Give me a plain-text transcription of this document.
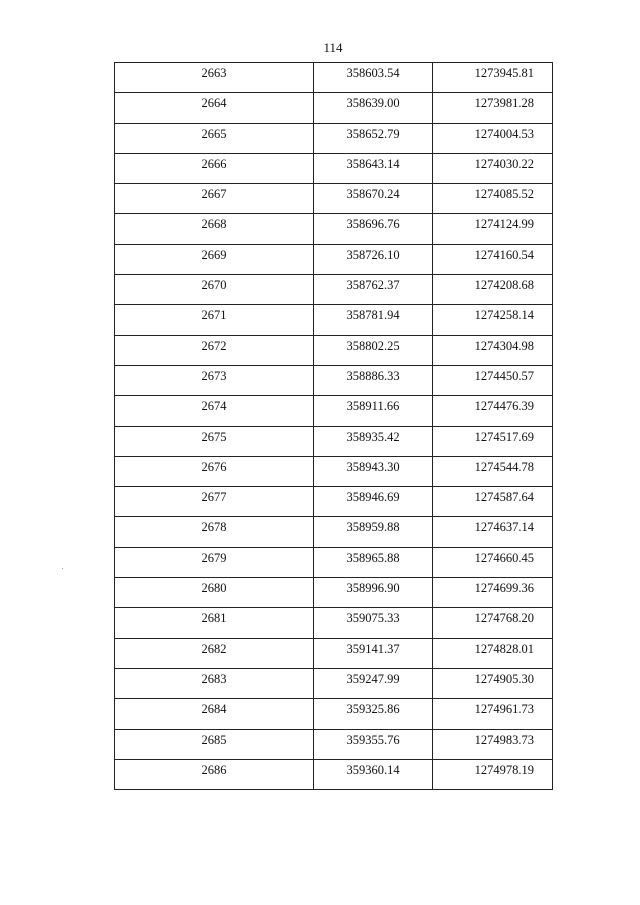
114
2663	358603.54	1273945.81

2664	358639.00	1273981.28

2665	358652.79	1274004.53

2666	358643.14	1274030.22

2667	358670.24	1274085.52

2668	358696.76	1274124.99

2669	358726.10	1274160.54

2670	358762.37	1274208.68

2671	358781.94	1274258.14

2672	358802.25	1274304.98

2673	358886.33	1274450.57

2674	358911.66	1274476.39

2675	358935.42	1274517.69

2676	358943.30	1274544.78

2677	358946.69	1274587.64

2678	358959.88	1274637.14

2679	358965.88	1274660.45

2680	358996.90	1274699.36

2681	359075.33	1274768.20

2682	359141.37	1274828.01

2683	359247.99	1274905.30

2684	359325.86	1274961.73

2685	359355.76	1274983.73

2686	359360.14	1274978.19
